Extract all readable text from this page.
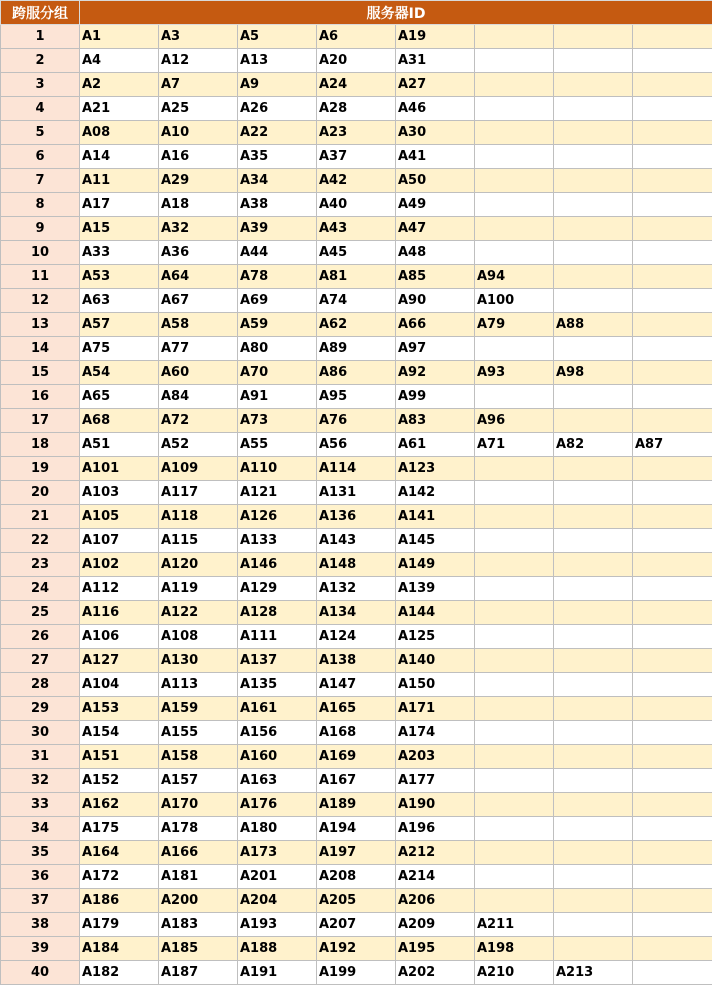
跨服分组	服务器ID							
1	A1	A3	A5	A6	A19			
2	A4	A12	A13	A20	A31			
3	A2	A7	A9	A24	A27			
4	A21	A25	A26	A28	A46			
5	A08	A10	A22	A23	A30			
6	A14	A16	A35	A37	A41			
7	A11	A29	A34	A42	A50			
8	A17	A18	A38	A40	A49			
9	A15	A32	A39	A43	A47			
10	A33	A36	A44	A45	A48			
11	A53	A64	A78	A81	A85	A94		
12	A63	A67	A69	A74	A90	A100		
13	A57	A58	A59	A62	A66	A79	A88	
14	A75	A77	A80	A89	A97			
15	A54	A60	A70	A86	A92	A93	A98	
16	A65	A84	A91	A95	A99			
17	A68	A72	A73	A76	A83	A96		
18	A51	A52	A55	A56	A61	A71	A82	A87
19	A101	A109	A110	A114	A123			
20	A103	A117	A121	A131	A142			
21	A105	A118	A126	A136	A141			
22	A107	A115	A133	A143	A145			
23	A102	A120	A146	A148	A149			
24	A112	A119	A129	A132	A139			
25	A116	A122	A128	A134	A144			
26	A106	A108	A111	A124	A125			
27	A127	A130	A137	A138	A140			
28	A104	A113	A135	A147	A150			
29	A153	A159	A161	A165	A171			
30	A154	A155	A156	A168	A174			
31	A151	A158	A160	A169	A203			
32	A152	A157	A163	A167	A177			
33	A162	A170	A176	A189	A190			
34	A175	A178	A180	A194	A196			
35	A164	A166	A173	A197	A212			
36	A172	A181	A201	A208	A214			
37	A186	A200	A204	A205	A206			
38	A179	A183	A193	A207	A209	A211		
39	A184	A185	A188	A192	A195	A198		
40	A182	A187	A191	A199	A202	A210	A213	
